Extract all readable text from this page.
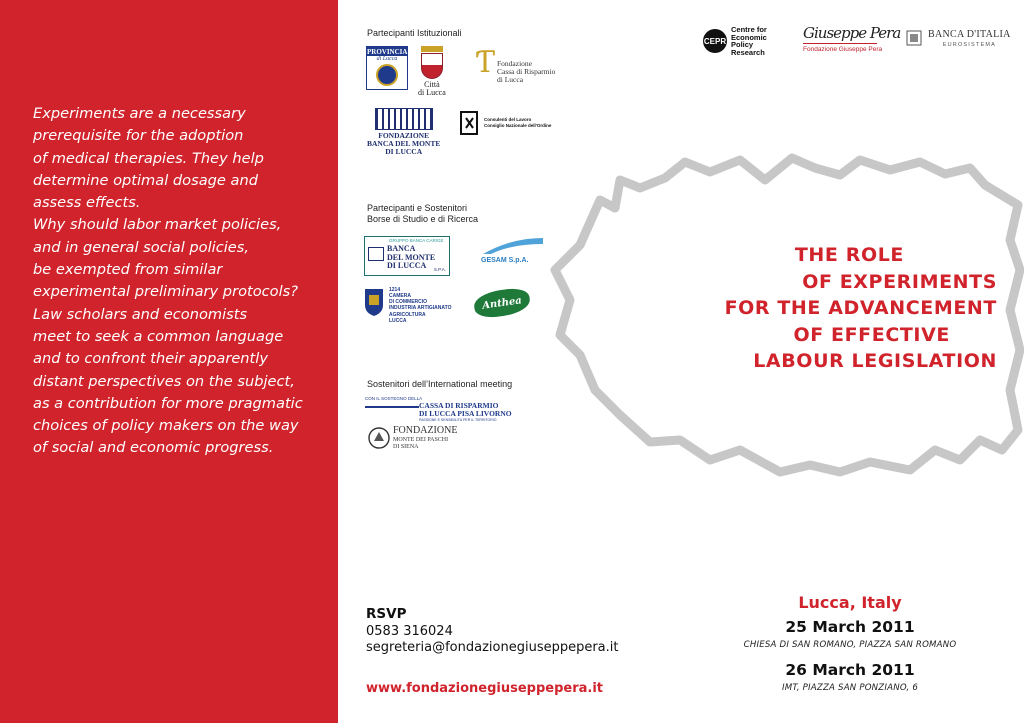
Experiments are a necessary
prerequisite for the adoption
of medical therapies. They help
determine optimal dosage and
assess effects.
Why should labor market policies,
and in general social policies,
be exempted from similar
experimental preliminary protocols?
Law scholars and economists
meet to seek a common language
and to confront their apparently
distant perspectives on the subject,
as a contribution for more pragmatic
choices of policy makers on the way
of social and economic progress.
Partecipanti Istituzionali
PROVINCIA
di Lucca
Città
di Lucca
Ƭ Fondazione
Cassa di Risparmio
di Lucca
FONDAZIONE
BANCA DEL MONTE
DI LUCCA
Consulenti del Lavoro
Consiglio Nazionale dell'Ordine
Partecipanti e Sostenitori
Borse di Studio e di Ricerca
GRUPPO BANCA CARIGE
BANCA
DEL MONTE
DI LUCCA	S.P.A.
GESAM S.p.A.
1214
CAMERA
DI COMMERCIO
INDUSTRIA ARTIGIANATO
AGRICOLTURA
LUCCA
Anthea
Sostenitori dell’International meeting
CON IL SOSTEGNO DELLA
CASSA DI RISPARMIO
DI LUCCA PISA LIVORNO
PASSIONE E SENSIBILITÀ PER IL TERRITORIO
FONDAZIONE
MONTE DEI PASCHI
DI SIENA
CEPR
Centre for
Economic
Policy
Research
Giuseppe Pera
Fondazione Giuseppe Pera
BANCA D'ITALIA
EUROSISTEMA
THE ROLE
OF EXPERIMENTS
FOR THE ADVANCEMENT
OF EFFECTIVE
LABOUR LEGISLATION
RSVP
0583 316024
segreteria@fondazionegiuseppepera.it
www.fondazionegiuseppepera.it
Lucca, Italy
25 March 2011
CHIESA DI SAN ROMANO, PIAZZA SAN ROMANO
26 March 2011
IMT, PIAZZA SAN PONZIANO, 6
